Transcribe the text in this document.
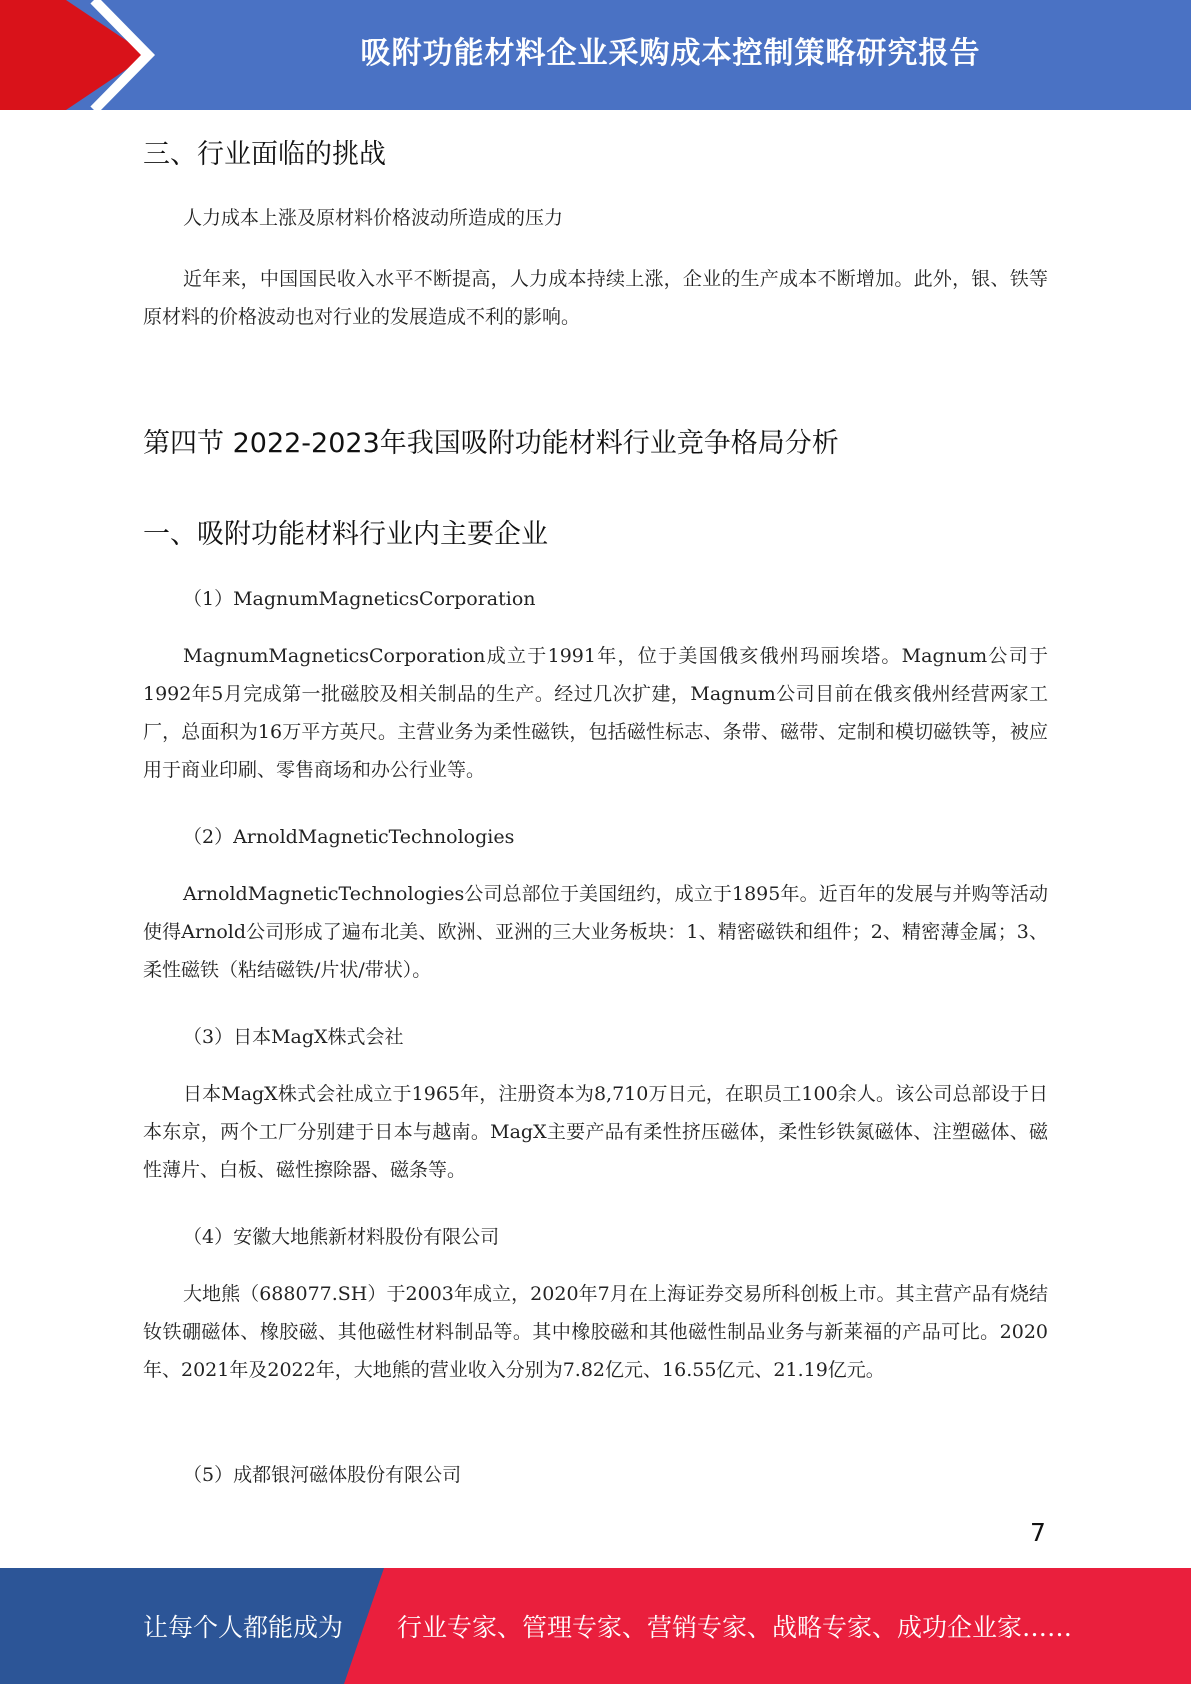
吸附功能材料企业采购成本控制策略研究报告
三、行业面临的挑战
人力成本上涨及原材料价格波动所造成的压力
近年来，中国国民收入水平不断提高，人力成本持续上涨，企业的生产成本不断增加。此外，银、铁等原材料的价格波动也对行业的发展造成不利的影响。
第四节 2022-2023年我国吸附功能材料行业竞争格局分析
一、吸附功能材料行业内主要企业
（1）MagnumMagneticsCorporation
MagnumMagneticsCorporation成立于1991年，位于美国俄亥俄州玛丽埃塔。Magnum公司于1992年5月完成第一批磁胶及相关制品的生产。经过几次扩建，Magnum公司目前在俄亥俄州经营两家工厂，总面积为16万平方英尺。主营业务为柔性磁铁，包括磁性标志、条带、磁带、定制和模切磁铁等，被应用于商业印刷、零售商场和办公行业等。
（2）ArnoldMagneticTechnologies
ArnoldMagneticTechnologies公司总部位于美国纽约，成立于1895年。近百年的发展与并购等活动使得Arnold公司形成了遍布北美、欧洲、亚洲的三大业务板块：1、精密磁铁和组件；2、精密薄金属；3、柔性磁铁（粘结磁铁/片状/带状）。
（3）日本MagX株式会社
日本MagX株式会社成立于1965年，注册资本为8,710万日元，在职员工100余人。该公司总部设于日本东京，两个工厂分别建于日本与越南。MagX主要产品有柔性挤压磁体，柔性钐铁氮磁体、注塑磁体、磁性薄片、白板、磁性擦除器、磁条等。
（4）安徽大地熊新材料股份有限公司
大地熊（688077.SH）于2003年成立，2020年7月在上海证券交易所科创板上市。其主营产品有烧结钕铁硼磁体、橡胶磁、其他磁性材料制品等。其中橡胶磁和其他磁性制品业务与新莱福的产品可比。2020年、2021年及2022年，大地熊的营业收入分别为7.82亿元、16.55亿元、21.19亿元。
（5）成都银河磁体股份有限公司
7
让每个人都能成为 行业专家、管理专家、营销专家、战略专家、成功企业家……
